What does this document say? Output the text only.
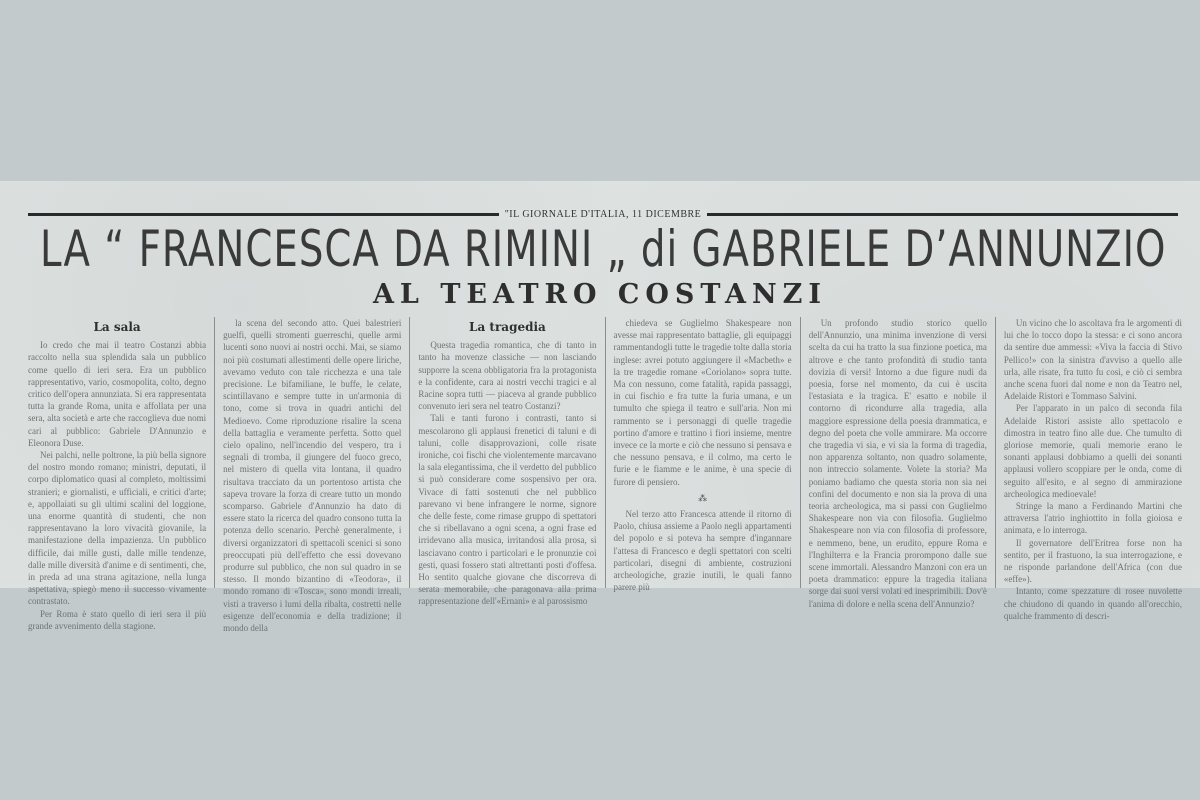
"IL GIORNALE D'ITALIA, 11 DICEMBRE
LA “ FRANCESCA DA RIMINI „ di GABRIELE D’ANNUNZIO
AL TEATRO COSTANZI
La sala

Io credo che mai il teatro Costanzi abbia raccolto nella sua splendida sala un pubblico come quello di ieri sera. Era un pubblico rappresentativo, vario, cosmopolita, colto, degno critico dell'opera annunziata. Si era rappresentata tutta la grande Roma, unita e affollata per una sera, alta società e arte che raccoglieva due nomi cari al pubblico: Gabriele D'Annunzio e Eleonora Duse.

Nei palchi, nelle poltrone, la più bella signore del nostro mondo romano; ministri, deputati, il corpo diplomatico quasi al completo, moltissimi stranieri; e giornalisti, e ufficiali, e critici d'arte; e, appollaiati su gli ultimi scalini del loggione, una enorme quantità di studenti, che non rappresentavano la loro vivacità giovanile, la manifestazione della impazienza. Un pubblico difficile, dai mille gusti, dalle mille tendenze, dalle mille diversità d'anime e di sentimenti, che, in preda ad una strana agitazione, nella lunga aspettativa, spiegò meno il successo vivamente contrastato.

Per Roma è stato quello di ieri sera il più grande avvenimento della stagione.

la scena del secondo atto. Quei balestrieri guelfi, quelli stromenti guerreschi, quelle armi lucenti sono nuovi ai nostri occhi. Mai, se siamo noi più costumati allestimenti delle opere liriche, avevamo veduto con tale ricchezza e una tale precisione. Le bifamiliane, le buffe, le celate, scintillavano e sempre tutte in un'armonia di tono, come si trova in quadri antichi del Medioevo. Come riproduzione risalire la scena della battaglia e veramente perfetta. Sotto quel cielo opalino, nell'incendio del vespero, tra i segnali di tromba, il giungere del fuoco greco, nel mistero di quella vita lontana, il quadro risultava tracciato da un portentoso artista che sapeva trovare la forza di creare tutto un mondo scomparso. Gabriele d'Annunzio ha dato di essere stato la ricerca del quadro consono tutta la potenza dello scenario. Perchè generalmente, i diversi organizzatori di spettacoli scenici si sono preoccupati più dell'effetto che essi dovevano produrre sul pubblico, che non sul quadro in se stesso. Il mondo bizantino di «Teodora», il mondo romano di «Tosca», sono mondi irreali, visti a traverso i lumi della ribalta, costretti nelle esigenze dell'economia e della tradizione; il mondo della

La tragedia

Questa tragedia romantica, che di tanto in tanto ha movenze classiche — non lasciando supporre la scena obbligatoria fra la protagonista e la confidente, cara ai nostri vecchi tragici e al Racine sopra tutti — piaceva al grande pubblico convenuto ieri sera nel teatro Costanzi?

Tali e tanti furono i contrasti, tanto si mescolarono gli applausi frenetici di taluni e di taluni, colle disapprovazioni, colle risate ironiche, coi fischi che violentemente marcavano la sala elegantissima, che il verdetto del pubblico si può considerare come sospensivo per ora. Vivace di fatti sostenuti che nel pubblico parevano vi bene infrangere le norme, signore che delle feste, come rimase gruppo di spettatori che si ribellavano a ogni scena, a ogni frase ed irridevano alla musica, irritandosi alla prosa, si lasciavano contro i particolari e le pronunzie coi gesti, quasi fossero stati altrettanti posti d'offesa. Ho sentito qualche giovane che discorreva di serata memorabile, che paragonava alla prima rappresentazione dell'«Ernani» e al parossismo

chiedeva se Guglielmo Shakespeare non avesse mai rappresentato battaglie, gli equipaggi rammentandogli tutte le tragedie tolte dalla storia inglese: avrei potuto aggiungere il «Macbeth» e la tre tragedie romane «Coriolano» sopra tutte. Ma con nessuno, come fatalità, rapida passaggi, in cui fischio e fra tutte la furia umana, e un tumulto che spiega il teatro e sull'aria. Non mi rammento se i personaggi di quelle tragedie portino d'amore e trattino i fiori insieme, mentre invece ce la morte e ciò che nessuno si pensava e che nessuno pensava, e il colmo, ma certo le furie e le fiamme e le anime, è una specie di furore di pensiero.

⁂

Nel terzo atto Francesca attende il ritorno di Paolo, chiusa assieme a Paolo negli appartamenti del popolo e si poteva ha sempre d'ingannare l'attesa di Francesco e degli spettatori con scelti particolari, disegni di ambiente, costruzioni archeologiche, grazie inutili, le quali fanno parere più

Un profondo studio storico quello dell'Annunzio, una minima invenzione di versi scelta da cui ha tratto la sua finzione poetica, ma altrove e che tanto profondità di studio tanta dovizia di versi! Intorno a due figure nudi da poesia, forse nel momento, da cui è uscita l'estasiata e la tragica. E' esatto e nobile il contorno di ricondurre alla tragedia, alla maggiore espressione della poesia drammatica, e degno del poeta che volle ammirare. Ma occorre che tragedia vi sia, e vi sia la forma di tragedia, non apparenza soltanto, non quadro solamente, non intreccio solamente. Volete la storia? Ma poniamo badiamo che questa storia non sia nei confini del documento e non sia la prova di una teoria archeologica, ma si passi con Guglielmo Shakespeare non via con filosofia. Guglielmo Shakespeare non via con filosofia di professore, e nemmeno, bene, un erudito, eppure Roma e l'Inghilterra e la Francia prorompono dalle sue scene immortali. Alessandro Manzoni con era un poeta drammatico: eppure la tragedia italiana sorge dai suoi versi volati ed inesprimibili. Dov'è l'anima di dolore e nella scena dell'Annunzio?

Un vicino che lo ascoltava fra le argomenti di lui che lo tocco dopo la stessa: e ci sono ancora da sentire due ammessi: «Viva la faccia di Stivo Pellico!» con la sinistra d'avviso a quello alle urla, alle risate, fra tutto fu così, e ciò ci sembra anche scena fuori dal nome e non da Teatro nel, Adelaide Ristori e Tommaso Salvini.

Per l'apparato in un palco di seconda fila Adelaide Ristori assiste allo spettacolo e dimostra in teatro fino alle due. Che tumulto di gloriose memorie, quali memorie erano le sonanti applausi dobbiamo a quelli dei sonanti applausi vollero scoppiare per le onda, come di seguito all'esito, e al segno di ammirazione archeologica medioevale!

Stringe la mano a Ferdinando Martini che attraversa l'atrio inghiottito in folla gioiosa e animata, e lo interroga.

Il governatore dell'Eritrea forse non ha sentito, per il frastuono, la sua interrogazione, e ne risponde parlandone dell'Africa (con due «effe»).

Intanto, come spezzature di rosee nuvolette che chiudono di quando in quando all'orecchio, qualche frammento di descri-
